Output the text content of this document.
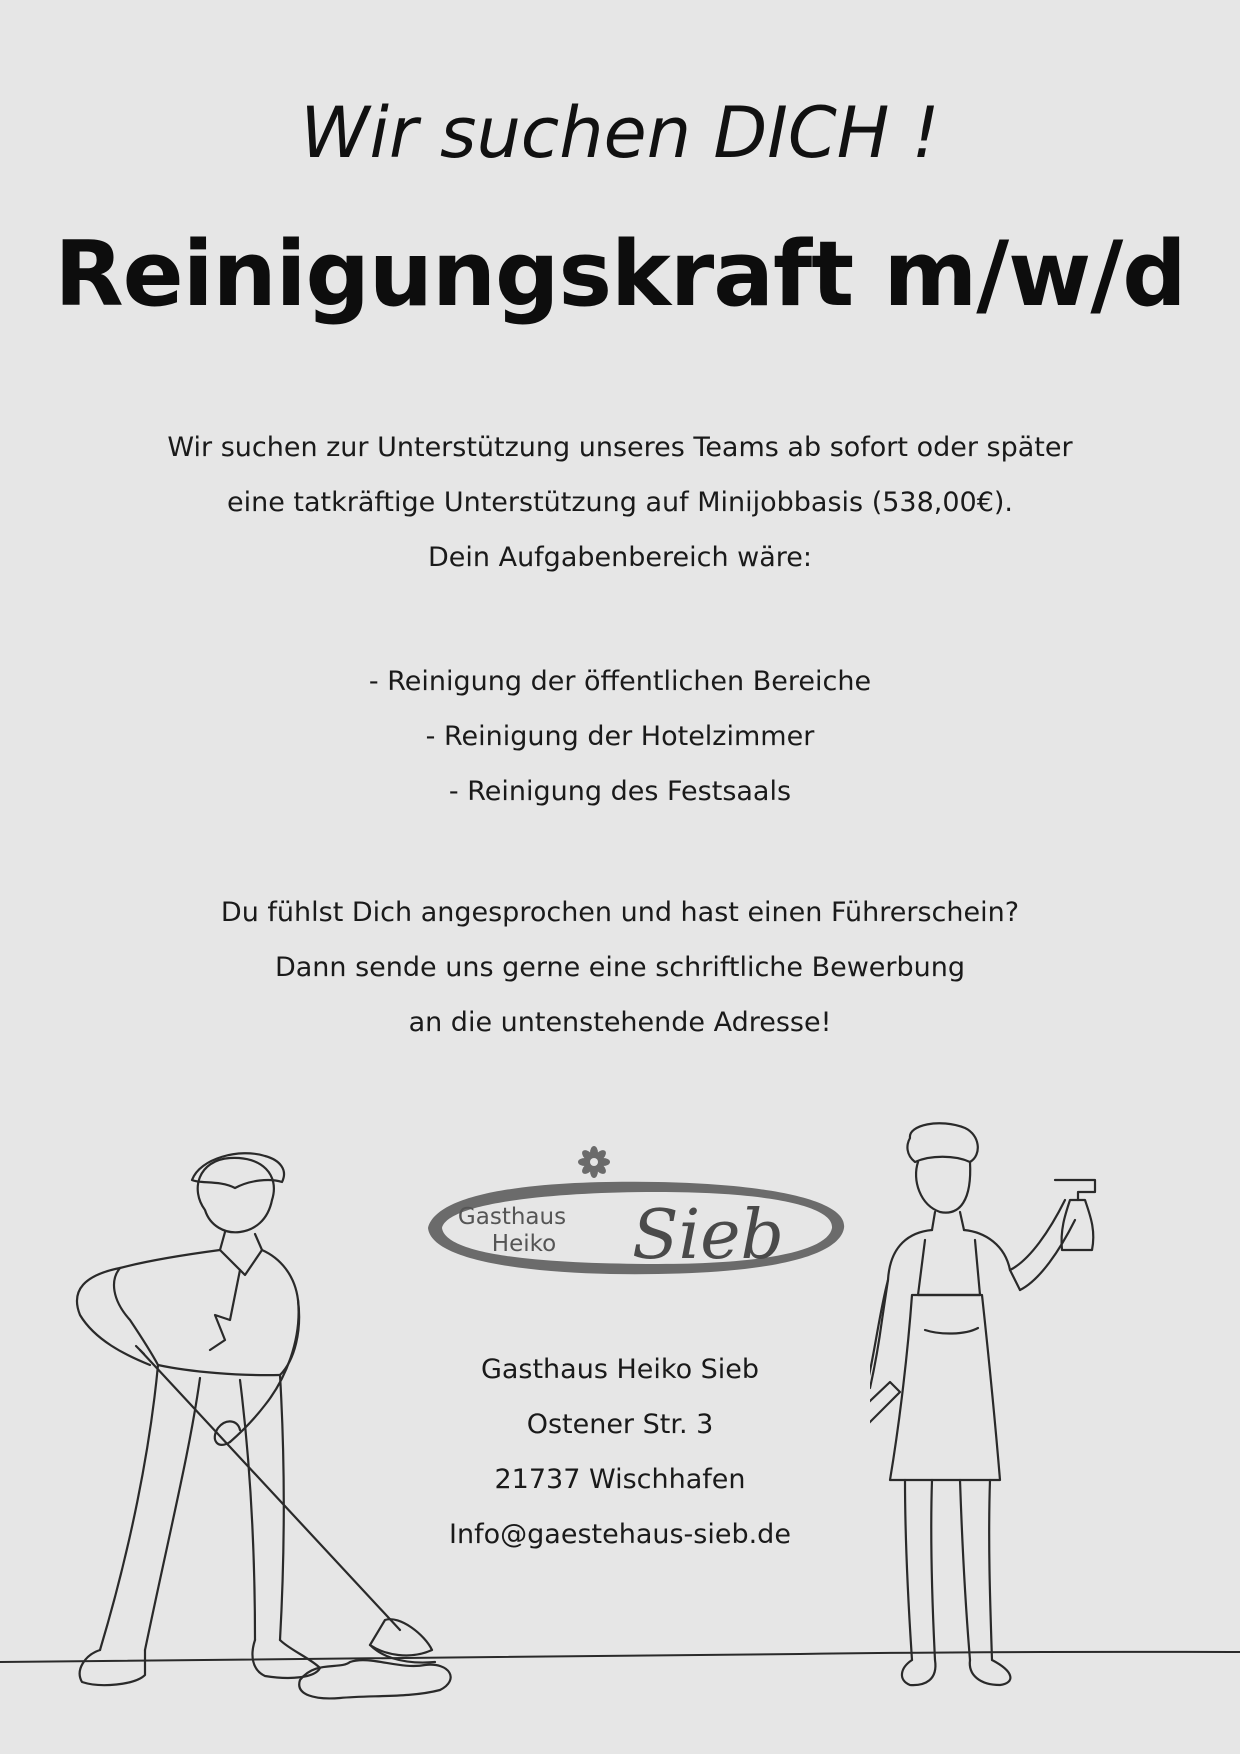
Wir suchen DICH !
Reinigungskraft m/w/d
Wir suchen zur Unterstützung unseres Teams ab sofort oder später
eine tatkräftige Unterstützung auf Minijobbasis (538,00€).
Dein Aufgabenbereich wäre:
- Reinigung der öffentlichen Bereiche
- Reinigung der Hotelzimmer
- Reinigung des Festsaals
Du fühlst Dich angesprochen und hast einen Führerschein?
Dann sende uns gerne eine schriftliche Bewerbung
an die untenstehende Adresse!
Gasthaus
Heiko Sieb
Gasthaus Heiko Sieb
Ostener Str. 3
21737 Wischhafen
Info@gaestehaus-sieb.de
